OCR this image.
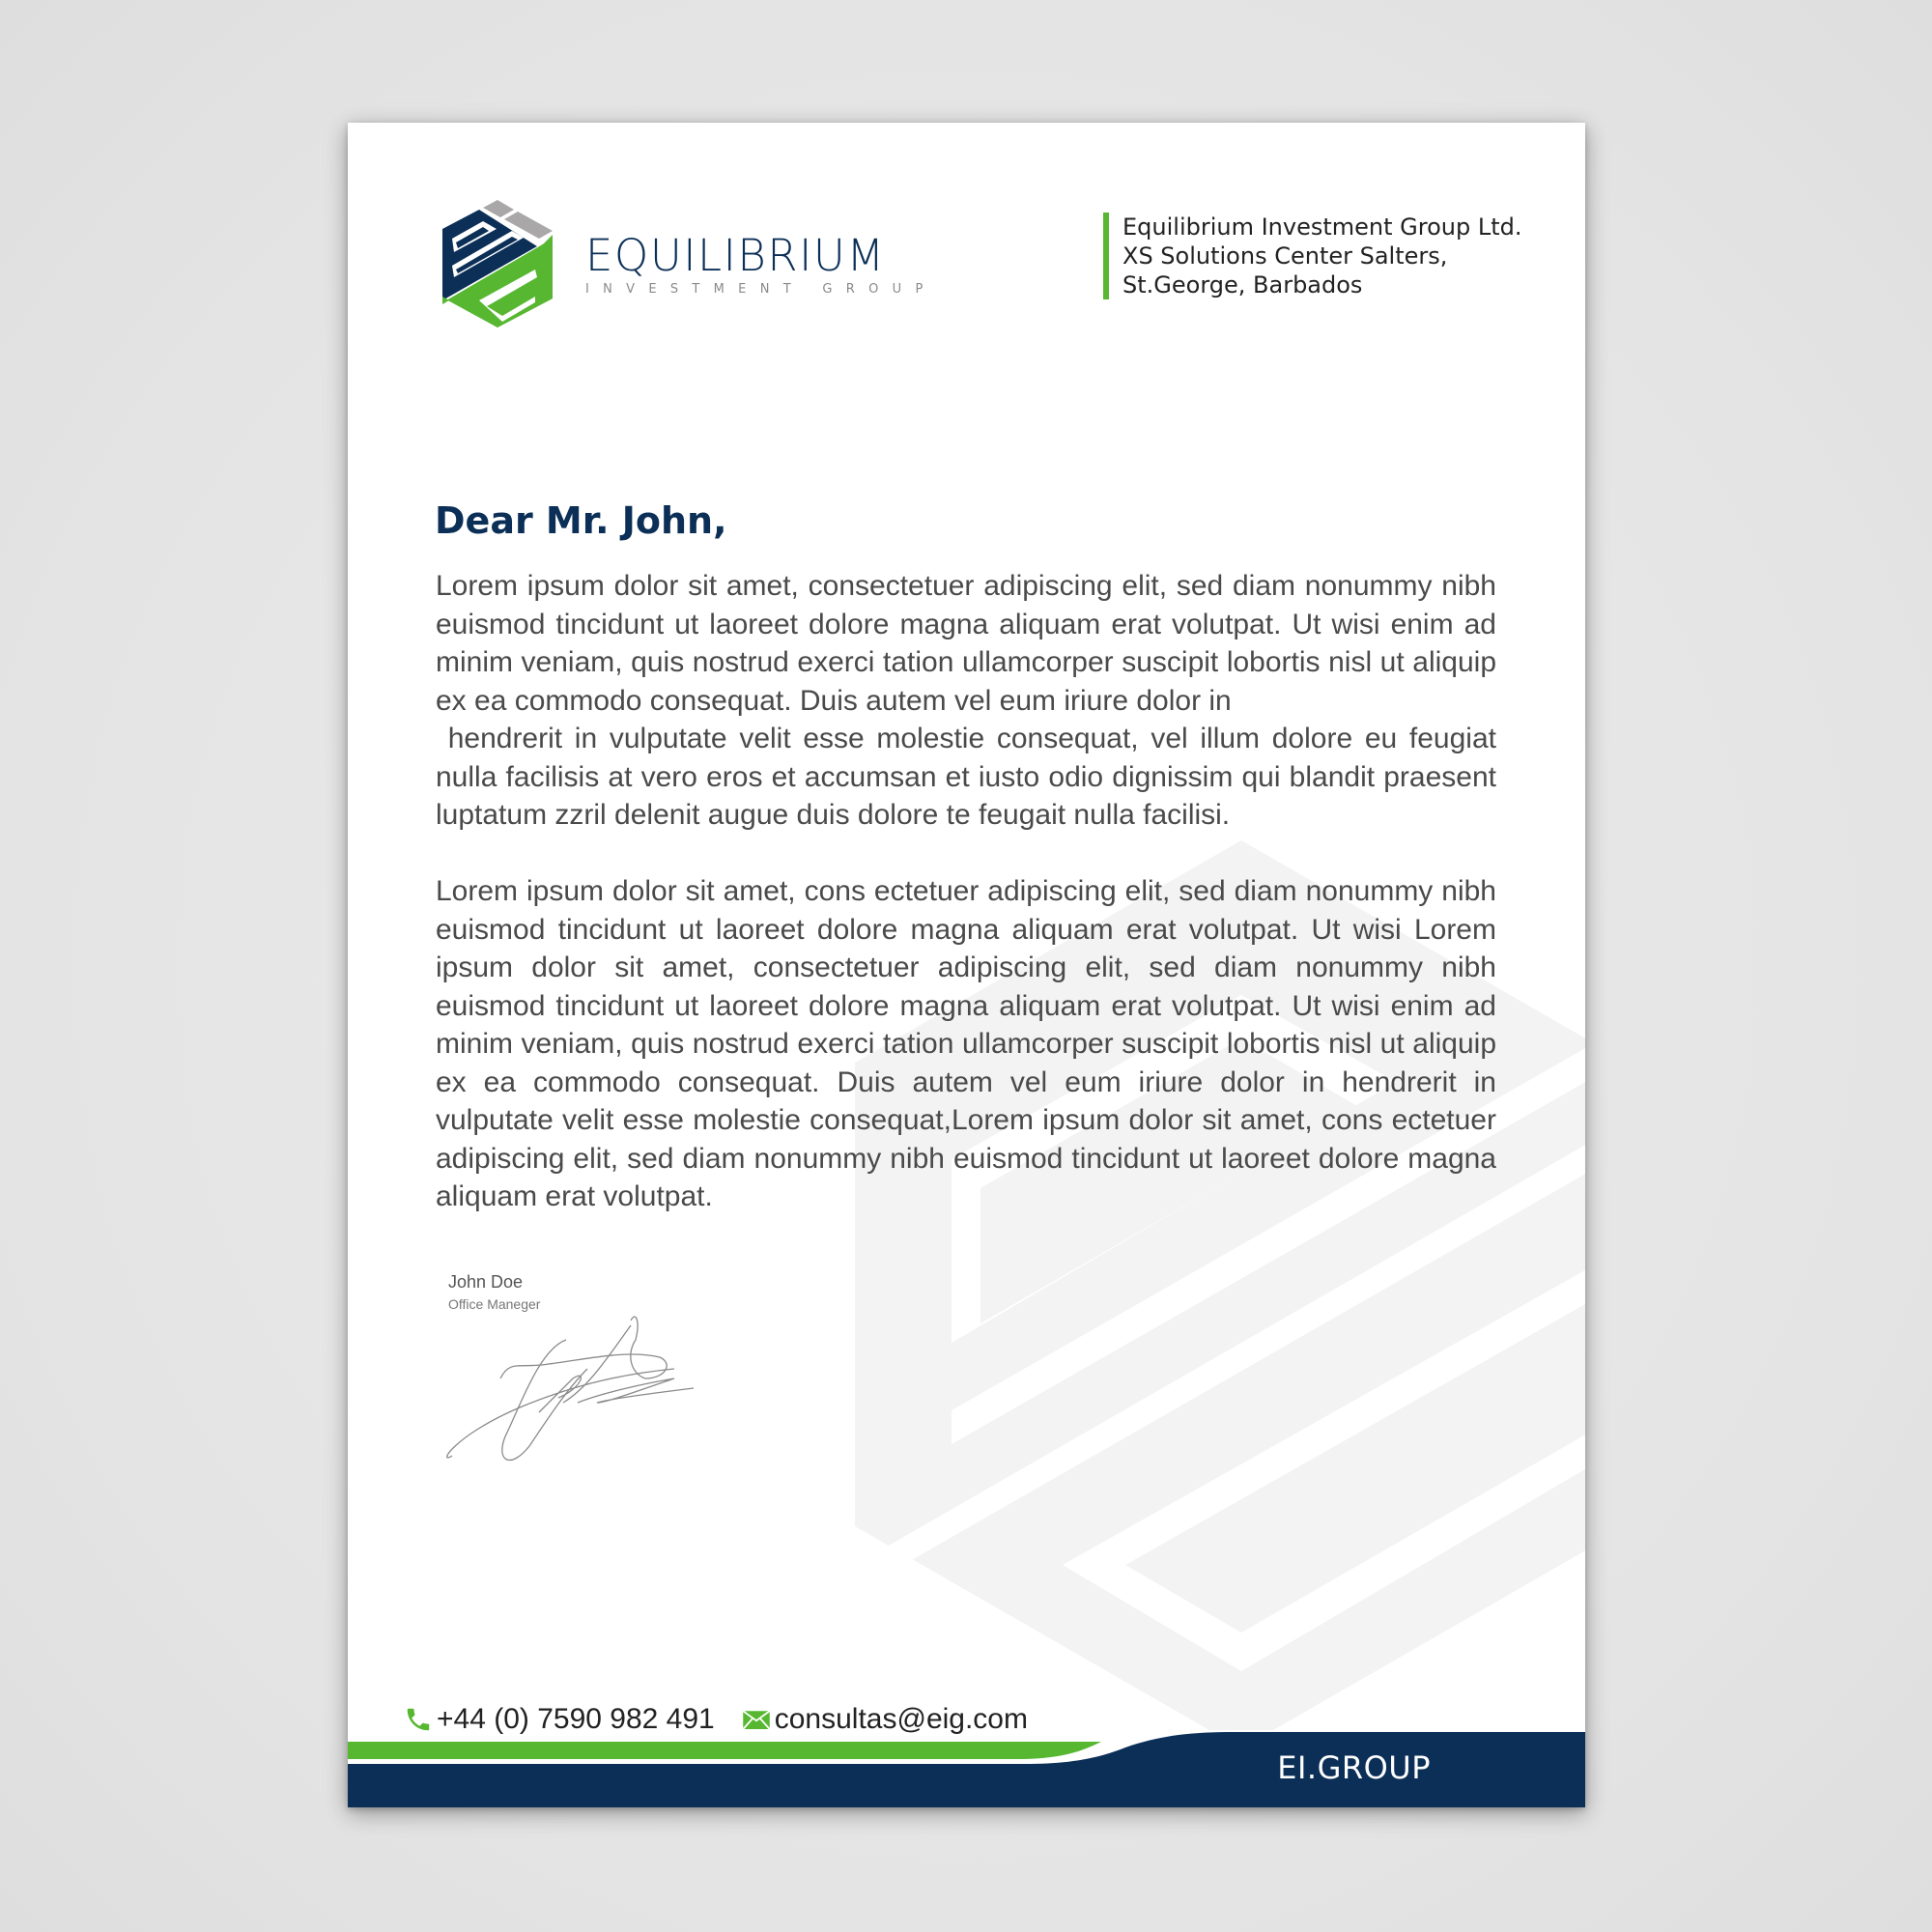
EQUILIBRIUM
INVESTMENT GROUP
Equilibrium Investment Group Ltd.
XS Solutions Center Salters,
St.George, Barbados
Dear Mr. John,

Lorem ipsum dolor sit amet, consectetuer adipiscing elit, sed diam nonummy nibh euismod tincidunt ut laoreet dolore magna aliquam erat volutpat. Ut wisi enim ad minim veniam, quis nostrud exerci tation ullamcorper suscipit lobortis nisl ut aliquip ex ea commodo consequat. Duis autem vel eum iriure dolor in
hendrerit in vulputate velit esse molestie consequat, vel illum dolore eu feugiat nulla facilisis at vero eros et accumsan et iusto odio dignissim qui blandit praesent luptatum zzril delenit augue duis dolore te feugait nulla facilisi.

Lorem ipsum dolor sit amet, cons ectetuer adipiscing elit, sed diam nonummy nibh euismod tincidunt ut laoreet dolore magna aliquam erat volutpat. Ut wisi Lorem ipsum dolor sit amet, consectetuer adipiscing elit, sed diam nonummy nibh euismod tincidunt ut laoreet dolore magna aliquam erat volutpat. Ut wisi enim ad minim veniam, quis nostrud exerci tation ullamcorper suscipit lobortis nisl ut aliquip ex ea commodo consequat. Duis autem vel eum iriure dolor in hendrerit in vulputate velit esse molestie consequat,Lorem ipsum dolor sit amet, cons ectetuer adipiscing elit, sed diam nonummy nibh euismod tincidunt ut laoreet dolore magna aliquam erat volutpat.

John Doe
Office Maneger
+44 (0) 7590 982 491 consultas@eig.com
EI.GROUP
